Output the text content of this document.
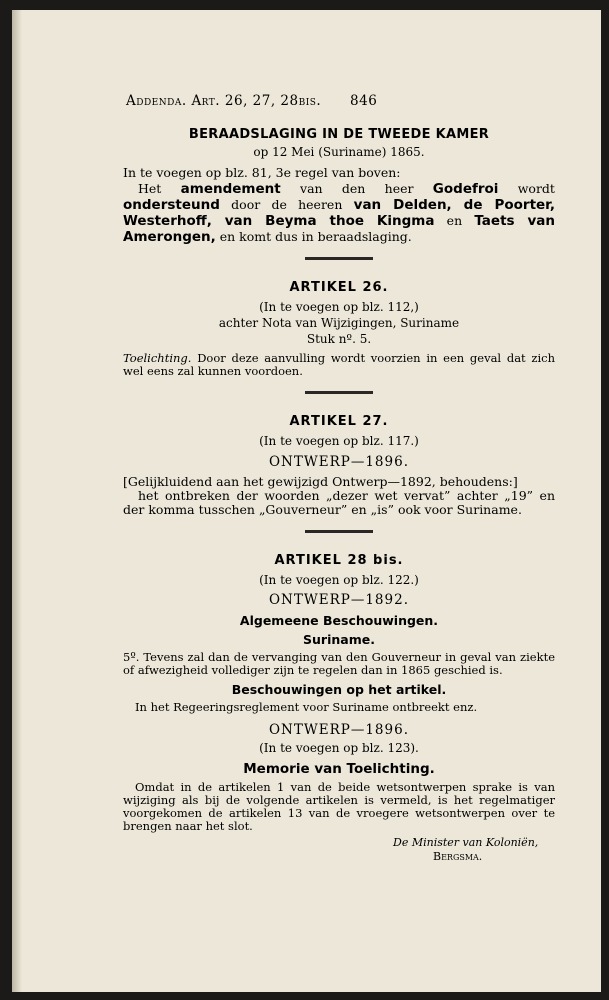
Addenda. Art. 26, 27, 28bis. 846
BERAADSLAGING IN DE TWEEDE KAMER
op 12 Mei (Suriname) 1865.
In te voegen op blz. 81, 3e regel van boven:
Het amendement van den heer Godefroi wordt ondersteund door de heeren van Delden, de Poorter, Westerhoff, van Beyma thoe Kingma en Taets van Amerongen, en komt dus in beraadslaging.
ARTIKEL 26.
(In te voegen op blz. 112,)
achter Nota van Wijzigingen, Suriname
Stuk nº. 5.
Toelichting. Door deze aanvulling wordt voorzien in een geval dat zich wel eens zal kunnen voordoen.
ARTIKEL 27.
(In te voegen op blz. 117.)
ONTWERP—1896.
[Gelijkluidend aan het gewijzigd Ontwerp—1892, behoudens:]
het ontbreken der woorden „dezer wet vervat” achter „19” en der komma tusschen „Gouverneur” en „is” ook voor Suriname.
ARTIKEL 28 bis.
(In te voegen op blz. 122.)
ONTWERP—1892.
Algemeene Beschouwingen.
Suriname.
5º. Tevens zal dan de vervanging van den Gouverneur in geval van ziekte of afwezigheid vollediger zijn te regelen dan in 1865 geschied is.
Beschouwingen op het artikel.
In het Regeeringsreglement voor Suriname ontbreekt enz.
ONTWERP—1896.
(In te voegen op blz. 123).
Memorie van Toelichting.
Omdat in de artikelen 1 van de beide wetsontwerpen sprake is van wijziging als bij de volgende artikelen is vermeld, is het regelmatiger voorgekomen de artikelen 13 van de vroegere wetsontwerpen over te brengen naar het slot.
De Minister van Koloniën,
Bergsma.
